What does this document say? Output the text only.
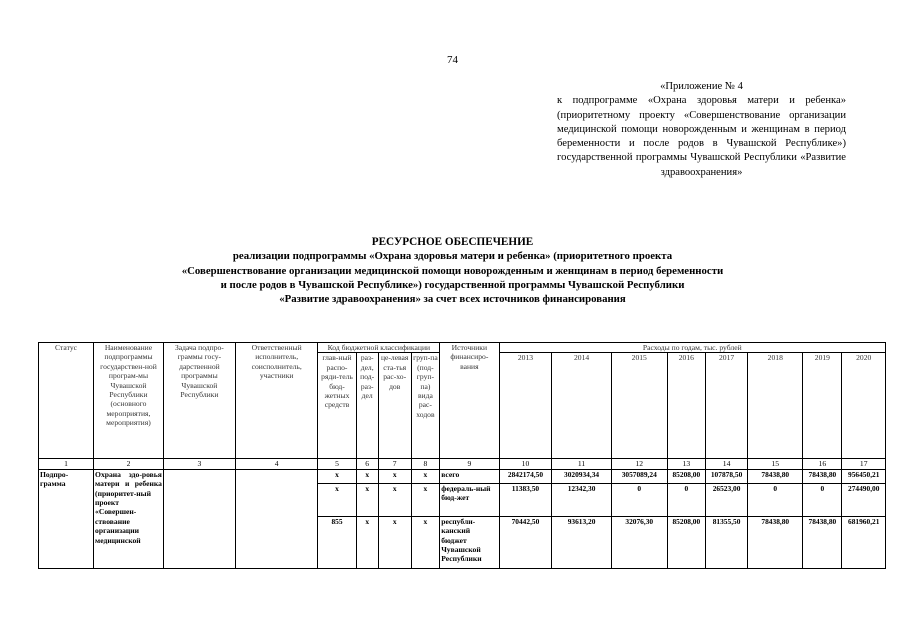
74
«Приложение № 4
к подпрограмме «Охрана здоровья матери и ребенка» (приоритетному проекту «Совершенствование организации медицинской помощи новорожденным и женщинам в период беременности и после родов в Чувашской Республике») государственной программы Чувашской Республики «Развитие здравоохранения»
РЕСУРСНОЕ ОБЕСПЕЧЕНИЕ
реализации подпрограммы «Охрана здоровья матери и ребенка» (приоритетного проекта
«Совершенствование организации медицинской помощи новорожденным и женщинам в период беременности
и после родов в Чувашской Республике») государственной программы Чувашской Республики
«Развитие здравоохранения» за счет всех источников финансирования
Статус	Наименование подпрограммы государствен-ной програм-мы Чувашской Республики (основного мероприятия, мероприятия)	Задача подпро-граммы госу-дарственной программы Чувашской Республики	Ответственный исполнитель, соисполнитель, участники	Код бюджетной классификации				Источники финансиро-вания	Расходы по годам, тыс. рублей							
				глав-ный распо-ряди-тель бюд-жетных средств	раз-дел, под-раз-дел	це-левая ста-тья рас-хо-дов	груп-па (под-груп-па) вида рас-ходов		2013	2014	2015	2016	2017	2018	2019	2020
1	2	3	4	5	6	7	8	9	10	11	12	13	14	15	16	17
Подпро-грамма	Охрана здо-ровья матери и ребенка (приоритет-ный проект «Совершен-ствование организации медицинской			x	x	x	x	всего	2842174,50	3020934,34	3057089,24	85208,00	107878,50	78438,80	78438,80	956450,21
				x	x	x	x	федераль-ный бюд-жет	11383,50	12342,30	0	0	26523,00	0	0	274490,00
				855	x	x	x	республи-канский бюджет Чувашской Республики	70442,50	93613,20	32076,30	85208,00	81355,50	78438,80	78438,80	681960,21
